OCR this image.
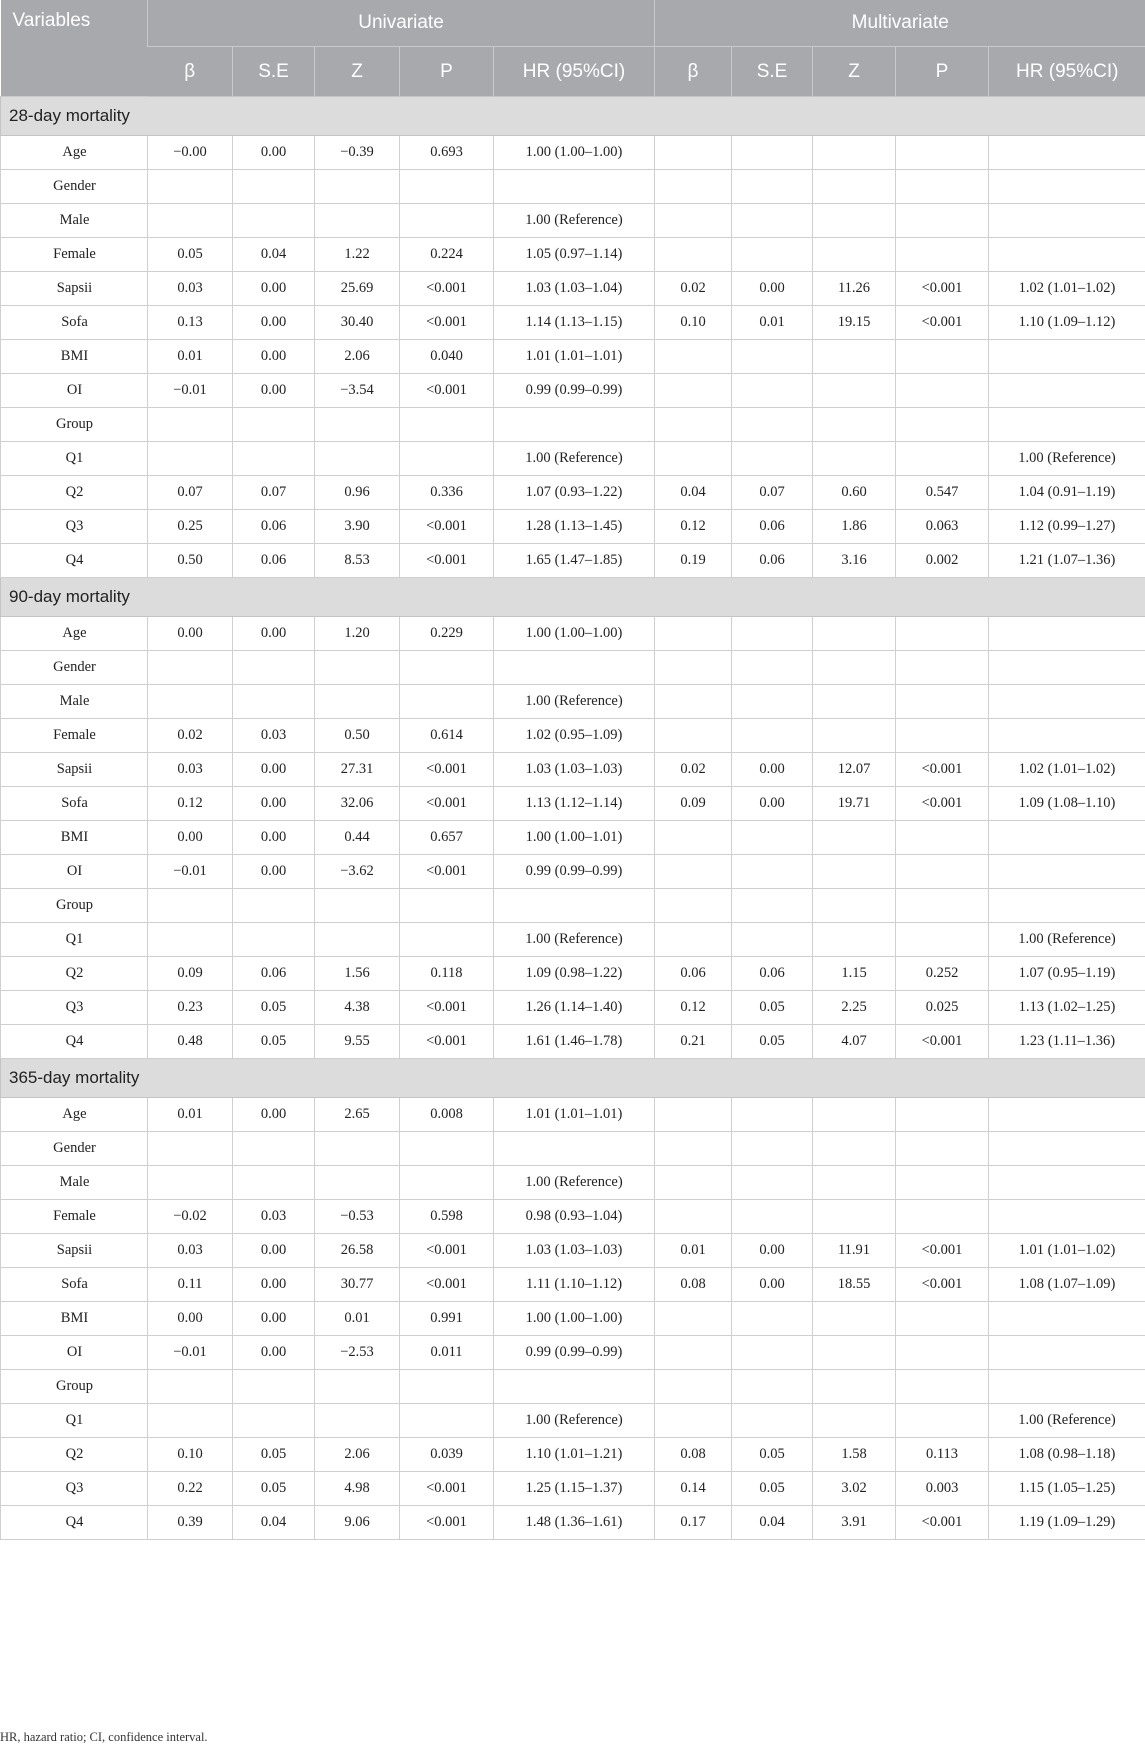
Variables	Univariate					Multivariate				
	β	S.E	Z	P	HR (95%CI)	β	S.E	Z	P	HR (95%CI)
28-day mortality										

Age	−0.00	0.00	−0.39	0.693	1.00 (1.00–1.00)					

Gender										

Male					1.00 (Reference)					

Female	0.05	0.04	1.22	0.224	1.05 (0.97–1.14)					

Sapsii	0.03	0.00	25.69	<0.001	1.03 (1.03–1.04)	0.02	0.00	11.26	<0.001	1.02 (1.01–1.02)

Sofa	0.13	0.00	30.40	<0.001	1.14 (1.13–1.15)	0.10	0.01	19.15	<0.001	1.10 (1.09–1.12)

BMI	0.01	0.00	2.06	0.040	1.01 (1.01–1.01)					

OI	−0.01	0.00	−3.54	<0.001	0.99 (0.99–0.99)					

Group										

Q1					1.00 (Reference)					1.00 (Reference)

Q2	0.07	0.07	0.96	0.336	1.07 (0.93–1.22)	0.04	0.07	0.60	0.547	1.04 (0.91–1.19)

Q3	0.25	0.06	3.90	<0.001	1.28 (1.13–1.45)	0.12	0.06	1.86	0.063	1.12 (0.99–1.27)

Q4	0.50	0.06	8.53	<0.001	1.65 (1.47–1.85)	0.19	0.06	3.16	0.002	1.21 (1.07–1.36)
90-day mortality										

Age	0.00	0.00	1.20	0.229	1.00 (1.00–1.00)					

Gender										

Male					1.00 (Reference)					

Female	0.02	0.03	0.50	0.614	1.02 (0.95–1.09)					

Sapsii	0.03	0.00	27.31	<0.001	1.03 (1.03–1.03)	0.02	0.00	12.07	<0.001	1.02 (1.01–1.02)

Sofa	0.12	0.00	32.06	<0.001	1.13 (1.12–1.14)	0.09	0.00	19.71	<0.001	1.09 (1.08–1.10)

BMI	0.00	0.00	0.44	0.657	1.00 (1.00–1.01)					

OI	−0.01	0.00	−3.62	<0.001	0.99 (0.99–0.99)					

Group										

Q1					1.00 (Reference)					1.00 (Reference)

Q2	0.09	0.06	1.56	0.118	1.09 (0.98–1.22)	0.06	0.06	1.15	0.252	1.07 (0.95–1.19)

Q3	0.23	0.05	4.38	<0.001	1.26 (1.14–1.40)	0.12	0.05	2.25	0.025	1.13 (1.02–1.25)

Q4	0.48	0.05	9.55	<0.001	1.61 (1.46–1.78)	0.21	0.05	4.07	<0.001	1.23 (1.11–1.36)
365-day mortality										

Age	0.01	0.00	2.65	0.008	1.01 (1.01–1.01)					

Gender										

Male					1.00 (Reference)					

Female	−0.02	0.03	−0.53	0.598	0.98 (0.93–1.04)					

Sapsii	0.03	0.00	26.58	<0.001	1.03 (1.03–1.03)	0.01	0.00	11.91	<0.001	1.01 (1.01–1.02)

Sofa	0.11	0.00	30.77	<0.001	1.11 (1.10–1.12)	0.08	0.00	18.55	<0.001	1.08 (1.07–1.09)

BMI	0.00	0.00	0.01	0.991	1.00 (1.00–1.00)					

OI	−0.01	0.00	−2.53	0.011	0.99 (0.99–0.99)					

Group										

Q1					1.00 (Reference)					1.00 (Reference)

Q2	0.10	0.05	2.06	0.039	1.10 (1.01–1.21)	0.08	0.05	1.58	0.113	1.08 (0.98–1.18)

Q3	0.22	0.05	4.98	<0.001	1.25 (1.15–1.37)	0.14	0.05	3.02	0.003	1.15 (1.05–1.25)

Q4	0.39	0.04	9.06	<0.001	1.48 (1.36–1.61)	0.17	0.04	3.91	<0.001	1.19 (1.09–1.29)
HR, hazard ratio; CI, confidence interval.
